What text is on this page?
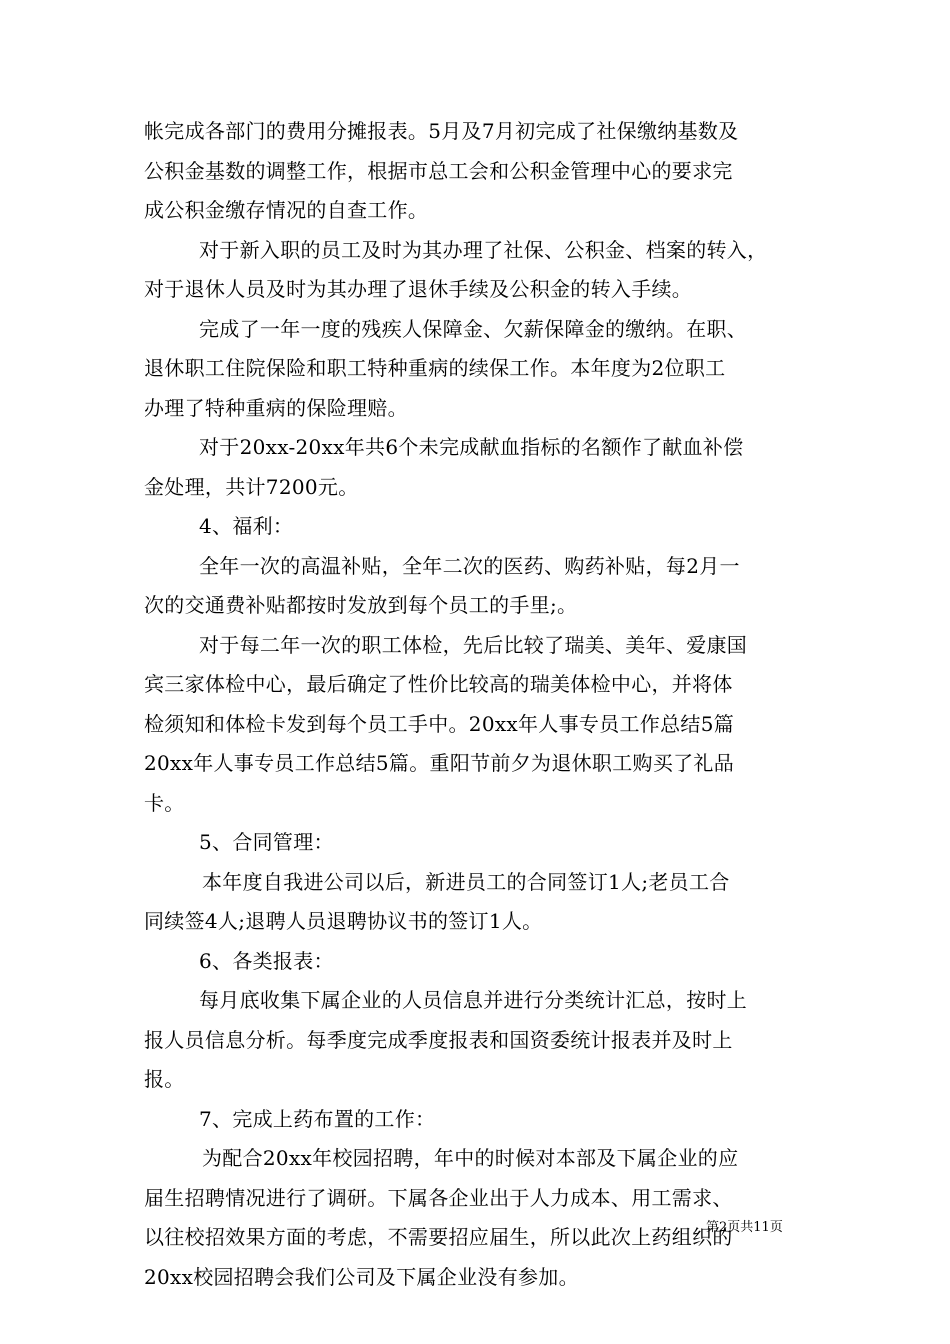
帐完成各部门的费用分摊报表。5月及7月初完成了社保缴纳基数及
公积金基数的调整工作，根据市总工会和公积金管理中心的要求完
成公积金缴存情况的自查工作。
对于新入职的员工及时为其办理了社保、公积金、档案的转入，
对于退休人员及时为其办理了退休手续及公积金的转入手续。
完成了一年一度的残疾人保障金、欠薪保障金的缴纳。在职、
退休职工住院保险和职工特种重病的续保工作。本年度为2位职工
办理了特种重病的保险理赔。
对于20xx-20xx年共6个未完成献血指标的名额作了献血补偿
金处理，共计7200元。
4、福利：
全年一次的高温补贴，全年二次的医药、购药补贴，每2月一
次的交通费补贴都按时发放到每个员工的手里;。
对于每二年一次的职工体检，先后比较了瑞美、美年、爱康国
宾三家体检中心，最后确定了性价比较高的瑞美体检中心，并将体
检须知和体检卡发到每个员工手中。20xx年人事专员工作总结5篇
20xx年人事专员工作总结5篇。重阳节前夕为退休职工购买了礼品
卡。
5、合同管理：
本年度自我进公司以后，新进员工的合同签订1人;老员工合
同续签4人;退聘人员退聘协议书的签订1人。
6、各类报表：
每月底收集下属企业的人员信息并进行分类统计汇总，按时上
报人员信息分析。每季度完成季度报表和国资委统计报表并及时上
报。
7、完成上药布置的工作：
为配合20xx年校园招聘，年中的时候对本部及下属企业的应
届生招聘情况进行了调研。下属各企业出于人力成本、用工需求、
以往校招效果方面的考虑，不需要招应届生，所以此次上药组织的
20xx校园招聘会我们公司及下属企业没有参加。
第2页共11页
